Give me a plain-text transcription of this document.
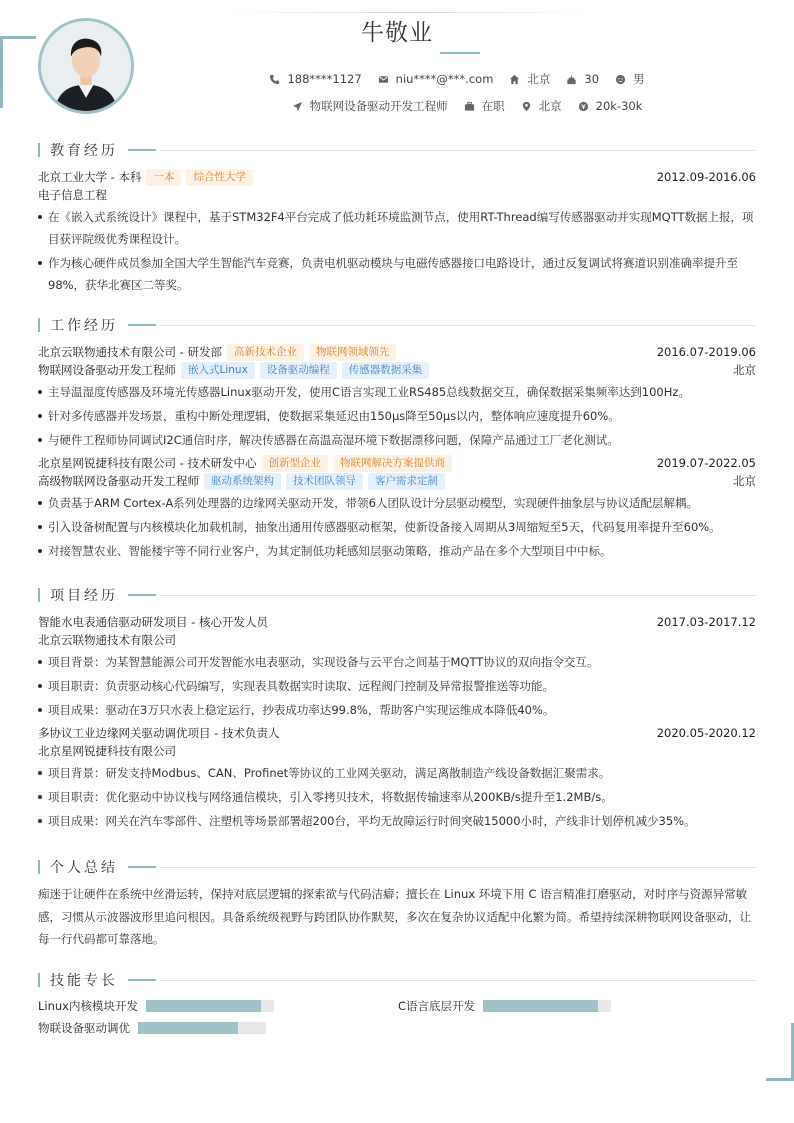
牛敬业
188****1127	niu****@***.com	北京	30	男
物联网设备驱动开发工程师	在职	北京	20k-30k
教育经历
北京工业大学 - 本科	一本	综合性大学	2012.09-2016.06
电子信息工程
在《嵌入式系统设计》课程中，基于STM32F4平台完成了低功耗环境监测节点，使用RT-Thread编写传感器驱动并实现MQTT数据上报，项目获评院级优秀课程设计。
作为核心硬件成员参加全国大学生智能汽车竞赛，负责电机驱动模块与电磁传感器接口电路设计，通过反复调试将赛道识别准确率提升至98%，获华北赛区二等奖。
工作经历
北京云联物通技术有限公司 - 研发部	高新技术企业	物联网领域领先	2016.07-2019.06
物联网设备驱动开发工程师	嵌入式Linux	设备驱动编程	传感器数据采集	北京
主导温湿度传感器及环境光传感器Linux驱动开发，使用C语言实现工业RS485总线数据交互，确保数据采集频率达到100Hz。
针对多传感器并发场景，重构中断处理逻辑，使数据采集延迟由150μs降至50μs以内，整体响应速度提升60%。
与硬件工程师协同调试I2C通信时序，解决传感器在高温高湿环境下数据漂移问题，保障产品通过工厂老化测试。
北京星网锐捷科技有限公司 - 技术研发中心	创新型企业	物联网解决方案提供商	2019.07-2022.05
高级物联网设备驱动开发工程师	驱动系统架构	技术团队领导	客户需求定制	北京
负责基于ARM Cortex-A系列处理器的边缘网关驱动开发，带领6人团队设计分层驱动模型，实现硬件抽象层与协议适配层解耦。
引入设备树配置与内核模块化加载机制，抽象出通用传感器驱动框架，使新设备接入周期从3周缩短至5天，代码复用率提升至60%。
对接智慧农业、智能楼宇等不同行业客户，为其定制低功耗感知层驱动策略，推动产品在多个大型项目中中标。
项目经历
智能水电表通信驱动研发项目 - 核心开发人员	2017.03-2017.12
北京云联物通技术有限公司
项目背景：为某智慧能源公司开发智能水电表驱动，实现设备与云平台之间基于MQTT协议的双向指令交互。
项目职责：负责驱动核心代码编写，实现表具数据实时读取、远程阀门控制及异常报警推送等功能。
项目成果：驱动在3万只水表上稳定运行，抄表成功率达99.8%，帮助客户实现运维成本降低40%。
多协议工业边缘网关驱动调优项目 - 技术负责人	2020.05-2020.12
北京星网锐捷科技有限公司
项目背景：研发支持Modbus、CAN、Profinet等协议的工业网关驱动，满足离散制造产线设备数据汇聚需求。
项目职责：优化驱动中协议栈与网络通信模块，引入零拷贝技术，将数据传输速率从200KB/s提升至1.2MB/s。
项目成果：网关在汽车零部件、注塑机等场景部署超200台，平均无故障运行时间突破15000小时，产线非计划停机减少35%。
个人总结
痴迷于让硬件在系统中丝滑运转，保持对底层逻辑的探索欲与代码洁癖；擅长在 Linux 环境下用 C 语言精准打磨驱动，对时序与资源异常敏感，习惯从示波器波形里追问根因。具备系统级视野与跨团队协作默契，多次在复杂协议适配中化繁为简。希望持续深耕物联网设备驱动，让每一行代码都可靠落地。
技能专长
Linux内核模块开发	C语言底层开发
物联设备驱动调优
